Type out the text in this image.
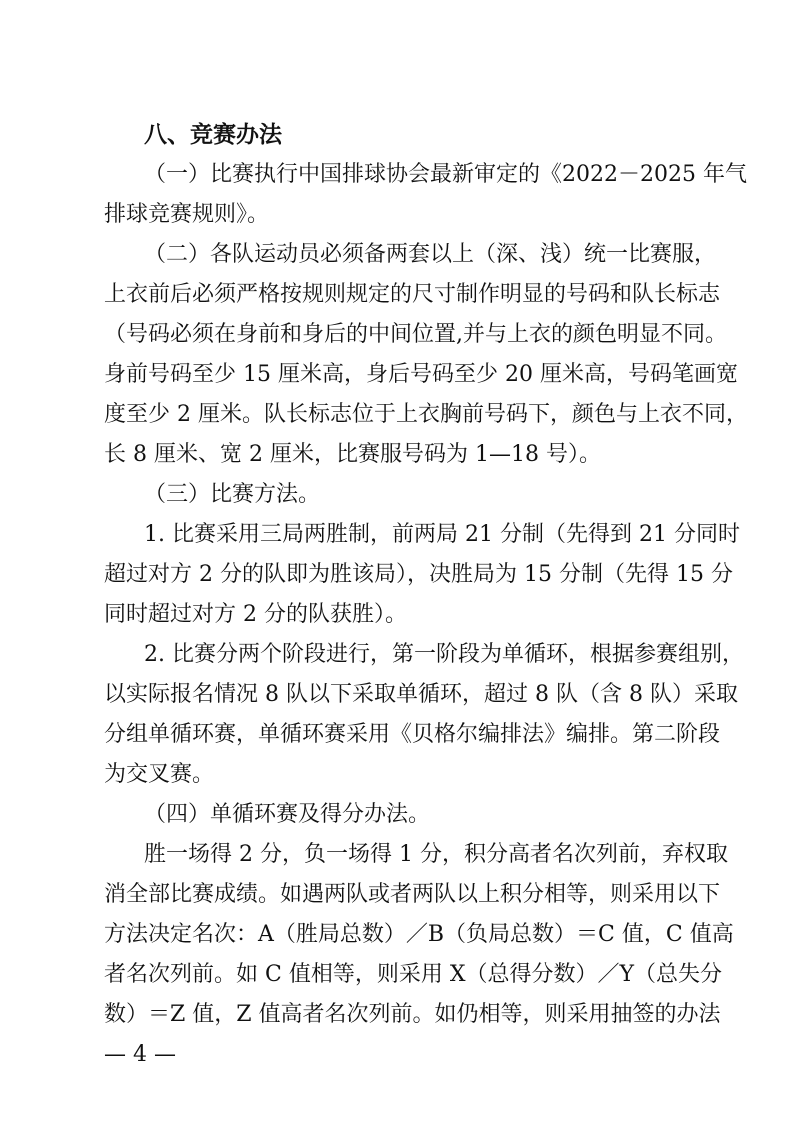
八、竞赛办法
（一）比赛执行中国排球协会最新审定的《2022－2025 年气
排球竞赛规则》。
（二）各队运动员必须备两套以上（深、浅）统一比赛服，
上衣前后必须严格按规则规定的尺寸制作明显的号码和队长标志
（号码必须在身前和身后的中间位置,并与上衣的颜色明显不同。
身前号码至少 15 厘米高，身后号码至少 20 厘米高，号码笔画宽
度至少 2 厘米。队长标志位于上衣胸前号码下，颜色与上衣不同，
长 8 厘米、宽 2 厘米，比赛服号码为 1—18 号）。
（三）比赛方法。
1. 比赛采用三局两胜制，前两局 21 分制（先得到 21 分同时
超过对方 2 分的队即为胜该局），决胜局为 15 分制（先得 15 分
同时超过对方 2 分的队获胜）。
2. 比赛分两个阶段进行，第一阶段为单循环，根据参赛组别，
以实际报名情况 8 队以下采取单循环，超过 8 队（含 8 队）采取
分组单循环赛，单循环赛采用《贝格尔编排法》编排。第二阶段
为交叉赛。
（四）单循环赛及得分办法。
胜一场得 2 分，负一场得 1 分，积分高者名次列前，弃权取
消全部比赛成绩。如遇两队或者两队以上积分相等，则采用以下
方法决定名次：A（胜局总数）／B（负局总数）＝C 值，C 值高
者名次列前。如 C 值相等，则采用 X（总得分数）／Y（总失分
数）＝Z 值，Z 值高者名次列前。如仍相等，则采用抽签的办法
— 4 —
